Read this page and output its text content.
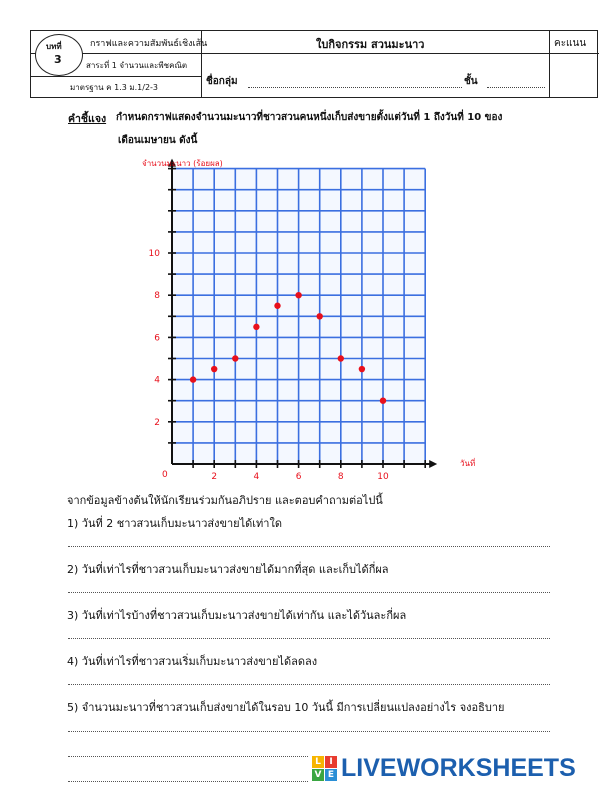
บทที่
3
กราฟและความสัมพันธ์เชิงเส้น
สาระที่ 1 จำนวนและพีชคณิต
มาตรฐาน ค 1.3 ม.1/2-3
ใบกิจกรรม สวนมะนาว	คะแนน
ชื่อกลุ่ม	ชั้น
คำชี้แจง กำหนดกราฟแสดงจำนวนมะนาวที่ชาวสวนคนหนึ่งเก็บส่งขายตั้งแต่วันที่ 1 ถึงวันที่ 10 ของ
เดือนเมษายน ดังนี้
2	4	6	8	10
2
4
6
8
10
จำนวนมะนาว (ร้อยผล)
วันที่
0
จากข้อมูลข้างต้นให้นักเรียนร่วมกันอภิปราย และตอบคำถามต่อไปนี้
1) วันที่ 2 ชาวสวนเก็บมะนาวส่งขายได้เท่าใด
2) วันที่เท่าไรที่ชาวสวนเก็บมะนาวส่งขายได้มากที่สุด และเก็บได้กี่ผล
3) วันที่เท่าไรบ้างที่ชาวสวนเก็บมะนาวส่งขายได้เท่ากัน และได้วันละกี่ผล
4) วันที่เท่าไรที่ชาวสวนเริ่มเก็บมะนาวส่งขายได้ลดลง
5) จำนวนมะนาวที่ชาวสวนเก็บส่งขายได้ในรอบ 10 วันนี้ มีการเปลี่ยนแปลงอย่างไร จงอธิบาย
L I
V E LIVEWORKSHEETS
